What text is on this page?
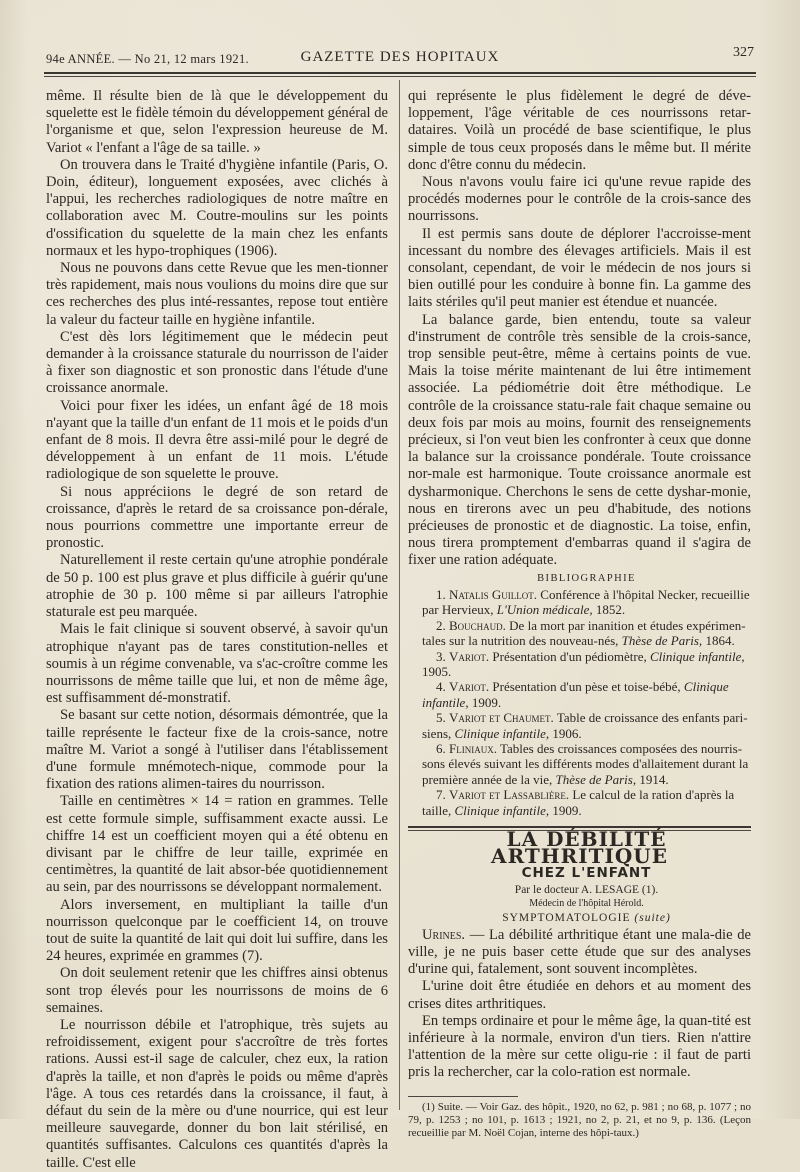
94e ANNÉE. — No 21, 12 mars 1921.	GAZETTE DES HOPITAUX	327

même. Il résulte bien de là que le développement du squelette est le fidèle témoin du développement général de l'organisme et que, selon l'expression heureuse de M. Variot « l'enfant a l'âge de sa taille. »

On trouvera dans le Traité d'hygiène infantile (Paris, O. Doin, éditeur), longuement exposées, avec clichés à l'appui, les recherches radiologiques de notre maître en collaboration avec M. Coutre-moulins sur les points d'ossification du squelette de la main chez les enfants normaux et les hypo-trophiques (1906).

Nous ne pouvons dans cette Revue que les men-tionner très rapidement, mais nous voulions du moins dire que sur ces recherches des plus inté-ressantes, repose tout entière la valeur du facteur taille en hygiène infantile.

C'est dès lors légitimement que le médecin peut demander à la croissance staturale du nourrisson de l'aider à fixer son diagnostic et son pronostic dans l'étude d'une croissance anormale.

Voici pour fixer les idées, un enfant âgé de 18 mois n'ayant que la taille d'un enfant de 11 mois et le poids d'un enfant de 8 mois. Il devra être assi-milé pour le degré de développement à un enfant de 11 mois. L'étude radiologique de son squelette le prouve.

Si nous appréciions le degré de son retard de croissance, d'après le retard de sa croissance pon-dérale, nous pourrions commettre une importante erreur de pronostic.

Naturellement il reste certain qu'une atrophie pondérale de 50 p. 100 est plus grave et plus difficile à guérir qu'une atrophie de 30 p. 100 même si par ailleurs l'atrophie staturale est peu marquée.

Mais le fait clinique si souvent observé, à savoir qu'un atrophique n'ayant pas de tares constitution-nelles et soumis à un régime convenable, va s'ac-croître comme les nourrissons de même taille que lui, et non de même âge, est suffisamment dé-monstratif.

Se basant sur cette notion, désormais démontrée, que la taille représente le facteur fixe de la crois-sance, notre maître M. Variot a songé à l'utiliser dans l'établissement d'une formule mnémotech-nique, commode pour la fixation des rations alimen-taires du nourrisson.

Taille en centimètres × 14 = ration en grammes. Telle est cette formule simple, suffisamment exacte aussi. Le chiffre 14 est un coefficient moyen qui a été obtenu en divisant par le chiffre de leur taille, exprimée en centimètres, la quantité de lait absor-bée quotidiennement au sein, par des nourrissons se développant normalement.

Alors inversement, en multipliant la taille d'un nourrisson quelconque par le coefficient 14, on trouve tout de suite la quantité de lait qui doit lui suffire, dans les 24 heures, exprimée en grammes (7).

On doit seulement retenir que les chiffres ainsi obtenus sont trop élevés pour les nourrissons de moins de 6 semaines.

Le nourrisson débile et l'atrophique, très sujets au refroidissement, exigent pour s'accroître de très fortes rations. Aussi est-il sage de calculer, chez eux, la ration d'après la taille, et non d'après le poids ou même d'après l'âge. A tous ces retardés dans la croissance, il faut, à défaut du sein de la mère ou d'une nourrice, qui est leur meilleure sauvegarde, donner du bon lait stérilisé, en quantités suffisantes. Calculons ces quantités d'après la taille. C'est elle

qui représente le plus fidèlement le degré de déve-loppement, l'âge véritable de ces nourrissons retar-dataires. Voilà un procédé de base scientifique, le plus simple de tous ceux proposés dans le même but. Il mérite donc d'être connu du médecin.

Nous n'avons voulu faire ici qu'une revue rapide des procédés modernes pour le contrôle de la crois-sance des nourrissons.

Il est permis sans doute de déplorer l'accroisse-ment incessant du nombre des élevages artificiels. Mais il est consolant, cependant, de voir le médecin de nos jours si bien outillé pour les conduire à bonne fin. La gamme des laits stériles qu'il peut manier est étendue et nuancée.

La balance garde, bien entendu, toute sa valeur d'instrument de contrôle très sensible de la crois-sance, trop sensible peut-être, même à certains points de vue. Mais la toise mérite maintenant de lui être intimement associée. La pédiométrie doit être méthodique. Le contrôle de la croissance statu-rale fait chaque semaine ou deux fois par mois au moins, fournit des renseignements précieux, si l'on veut bien les confronter à ceux que donne la balance sur la croissance pondérale. Toute croissance nor-male est harmonique. Toute croissance anormale est dysharmonique. Cherchons le sens de cette dyshar-monie, nous en tirerons avec un peu d'habitude, des notions précieuses de pronostic et de diagnostic. La toise, enfin, nous tirera promptement d'embarras quand il s'agira de fixer une ration adéquate.

BIBLIOGRAPHIE

1. Natalis Guillot. Conférence à l'hôpital Necker, recueillie par Hervieux, L'Union médicale, 1852.

2. Bouchaud. De la mort par inanition et études expérimen-tales sur la nutrition des nouveau-nés, Thèse de Paris, 1864.

3. Variot. Présentation d'un pédiomètre, Clinique infantile, 1905.

4. Variot. Présentation d'un pèse et toise-bébé, Clinique infantile, 1909.

5. Variot et Chaumet. Table de croissance des enfants pari-siens, Clinique infantile, 1906.

6. Fliniaux. Tables des croissances composées des nourris-sons élevés suivant les différents modes d'allaitement durant la première année de la vie, Thèse de Paris, 1914.

7. Variot et Lassablière. Le calcul de la ration d'après la taille, Clinique infantile, 1909.

LA DÉBILITÉ ARTHRITIQUE

CHEZ L'ENFANT

Par le docteur A. LESAGE (1).

Médecin de l'hôpital Hérold.

SYMPTOMATOLOGIE (suite)

Urines. — La débilité arthritique étant une mala-die de ville, je ne puis baser cette étude que sur des analyses d'urine qui, fatalement, sont souvent incomplètes.

L'urine doit être étudiée en dehors et au moment des crises dites arthritiques.

En temps ordinaire et pour le même âge, la quan-tité est inférieure à la normale, environ d'un tiers. Rien n'attire l'attention de la mère sur cette oligu-rie : il faut de parti pris la rechercher, car la colo-ration est normale.

(1) Suite. — Voir Gaz. des hôpit., 1920, no 62, p. 981 ; no 68, p. 1077 ; no 79, p. 1253 ; no 101, p. 1613 ; 1921, no 2, p. 21, et no 9, p. 136. (Leçon recueillie par M. Noël Cojan, interne des hôpi-taux.)
